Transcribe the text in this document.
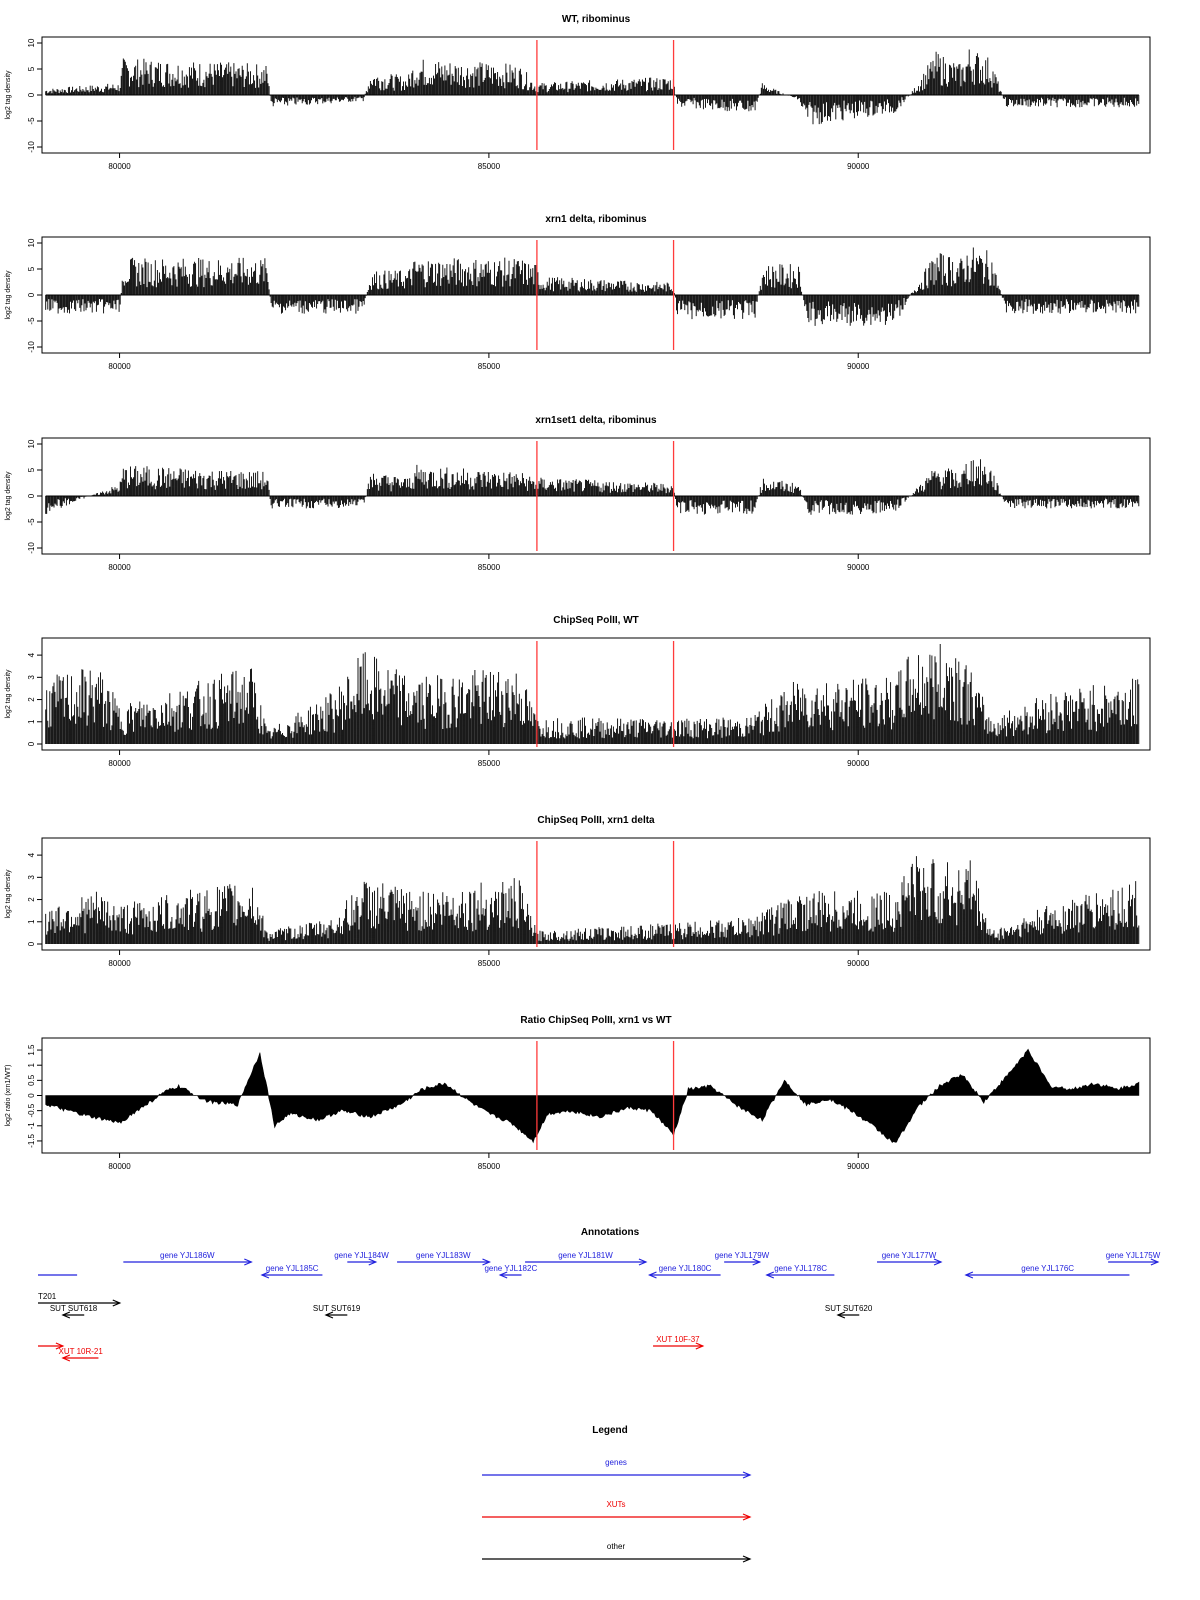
WT, ribominus
10
5
0
-5
-10
log2 tag density
80000	85000	90000
xrn1 delta, ribominus
10
5
0
-5
-10
log2 tag density
80000	85000	90000
xrn1set1 delta, ribominus
10
5
0
-5
-10
log2 tag density
80000	85000	90000
ChipSeq PolII, WT
0
1
2
3
4
log2 tag density
80000	85000	90000
ChipSeq PolII, xrn1 delta
0
1
2
3
4
log2 tag density
80000	85000	90000
Ratio ChipSeq PolII, xrn1 vs WT
-1.5
-1
-0.5
0
0.5
1
1.5
log2 ratio (xrn1/WT)
80000	85000	90000
Annotations
gene YJL186W
gene YJL185C
gene YJL184W	gene YJL183W
gene YJL182C
gene YJL181W
gene YJL180C
gene YJL179W
gene YJL178C
gene YJL177W
gene YJL176C
gene YJL175W
T201
SUT SUT618	SUT SUT619	SUT SUT620
XUT 10R-21
XUT 10F-37
Legend
genes
XUTs
other
